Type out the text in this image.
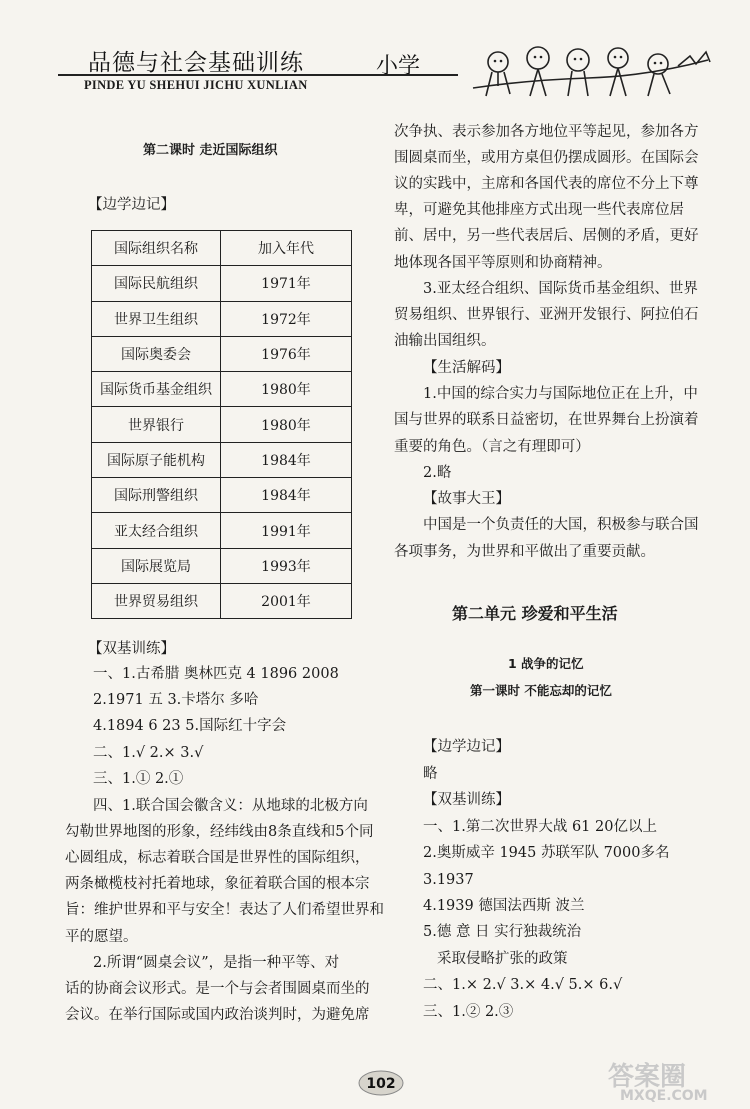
品德与社会基础训练	小学
PINDE YU SHEHUI JICHU XUNLIAN
第二课时 走近国际组织
【边学边记】
国际组织名称	加入年代
国际民航组织	1971年
世界卫生组织	1972年
国际奥委会	1976年
国际货币基金组织	1980年
世界银行	1980年
国际原子能机构	1984年
国际刑警组织	1984年
亚太经合组织	1991年
国际展览局	1993年
世界贸易组织	2001年
【双基训练】
一、1.古希腊 奥林匹克 4 1896 2008
2.1971 五 3.卡塔尔 多哈
4.1894 6 23 5.国际红十字会
二、1.√ 2.× 3.√
三、1.① 2.①
四、1.联合国会徽含义：从地球的北极方向
勾勒世界地图的形象，经纬线由8条直线和5个同
心圆组成，标志着联合国是世界性的国际组织，
两条橄榄枝衬托着地球，象征着联合国的根本宗
旨：维护世界和平与安全！表达了人们希望世界和
平的愿望。
2.所谓“圆桌会议”，是指一种平等、对
话的协商会议形式。是一个与会者围圆桌而坐的
会议。在举行国际或国内政治谈判时，为避免席
次争执、表示参加各方地位平等起见，参加各方
围圆桌而坐，或用方桌但仍摆成圆形。在国际会
议的实践中，主席和各国代表的席位不分上下尊
卑，可避免其他排座方式出现一些代表席位居
前、居中，另一些代表居后、居侧的矛盾，更好
地体现各国平等原则和协商精神。
3.亚太经合组织、国际货币基金组织、世界
贸易组织、世界银行、亚洲开发银行、阿拉伯石
油输出国组织。
【生活解码】
1.中国的综合实力与国际地位正在上升，中
国与世界的联系日益密切，在世界舞台上扮演着
重要的角色。（言之有理即可）
2.略
【故事大王】
中国是一个负责任的大国，积极参与联合国
各项事务，为世界和平做出了重要贡献。
第二单元 珍爱和平生活
1 战争的记忆
第一课时 不能忘却的记忆
【边学边记】
略
【双基训练】
一、1.第二次世界大战 61 20亿以上
2.奥斯威辛 1945 苏联军队 7000多名
3.1937
4.1939 德国法西斯 波兰
5.德 意 日 实行独裁统治
采取侵略扩张的政策
二、1.× 2.√ 3.× 4.√ 5.× 6.√
三、1.② 2.③
102	答案圈
MXQE.COM
